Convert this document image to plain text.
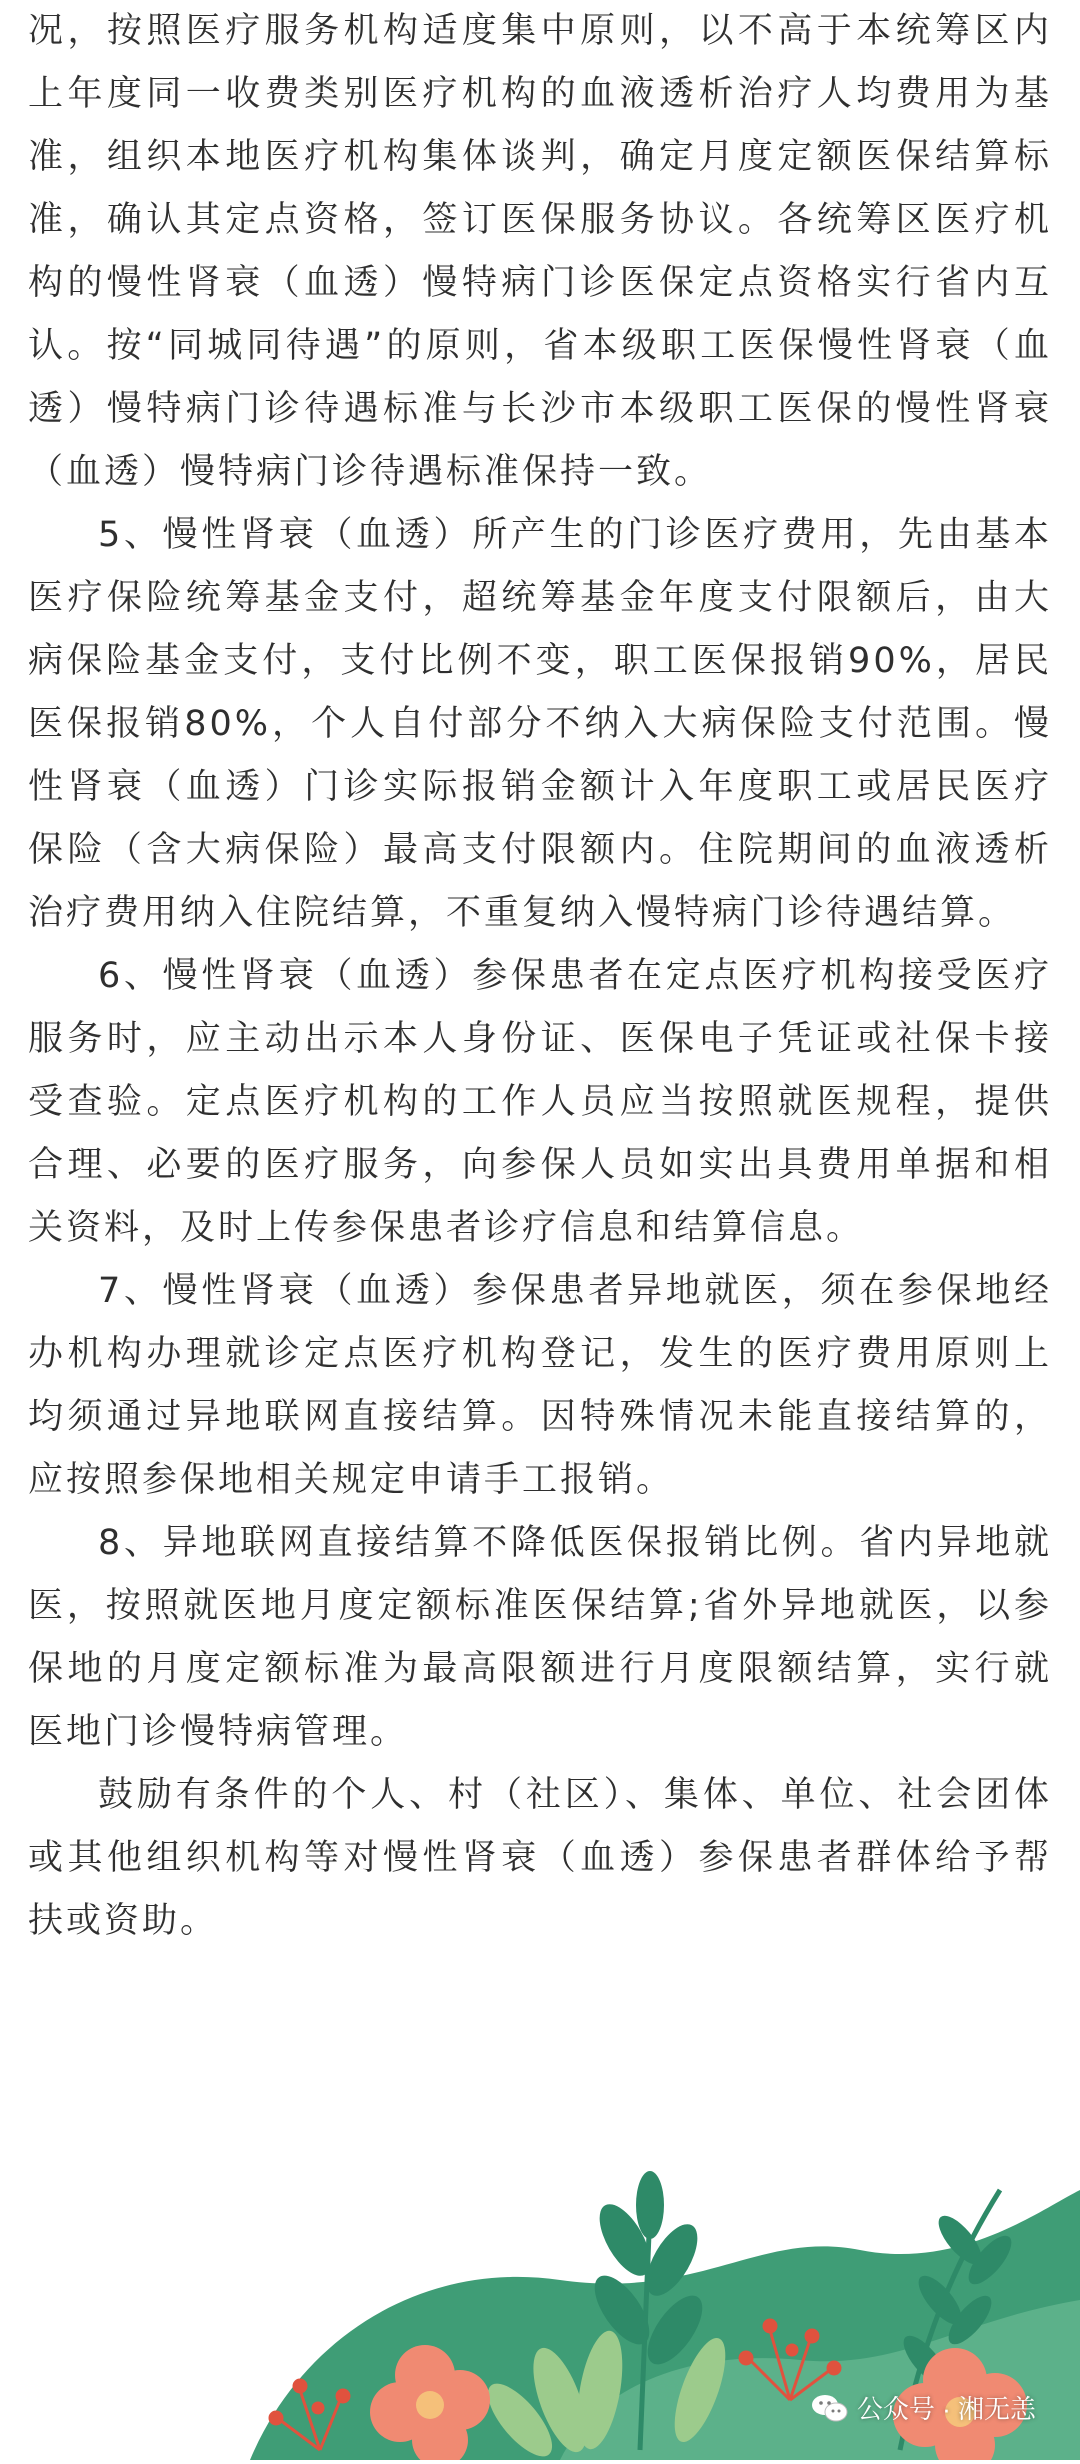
况，按照医疗服务机构适度集中原则，以不高于本统筹区内上年度同一收费类别医疗机构的血液透析治疗人均费用为基准，组织本地医疗机构集体谈判，确定月度定额医保结算标准，确认其定点资格，签订医保服务协议。各统筹区医疗机构的慢性肾衰（血透）慢特病门诊医保定点资格实行省内互认。按“同城同待遇”的原则，省本级职工医保慢性肾衰（血透）慢特病门诊待遇标准与长沙市本级职工医保的慢性肾衰（血透）慢特病门诊待遇标准保持一致。

5、慢性肾衰（血透）所产生的门诊医疗费用，先由基本医疗保险统筹基金支付，超统筹基金年度支付限额后，由大病保险基金支付，支付比例不变，职工医保报销90%，居民医保报销80%，个人自付部分不纳入大病保险支付范围。慢性肾衰（血透）门诊实际报销金额计入年度职工或居民医疗保险（含大病保险）最高支付限额内。住院期间的血液透析治疗费用纳入住院结算，不重复纳入慢特病门诊待遇结算。

6、慢性肾衰（血透）参保患者在定点医疗机构接受医疗服务时，应主动出示本人身份证、医保电子凭证或社保卡接受查验。定点医疗机构的工作人员应当按照就医规程，提供合理、必要的医疗服务，向参保人员如实出具费用单据和相关资料，及时上传参保患者诊疗信息和结算信息。

7、慢性肾衰（血透）参保患者异地就医，须在参保地经办机构办理就诊定点医疗机构登记，发生的医疗费用原则上均须通过异地联网直接结算。因特殊情况未能直接结算的，应按照参保地相关规定申请手工报销。

8、异地联网直接结算不降低医保报销比例。省内异地就医，按照就医地月度定额标准医保结算;省外异地就医，以参保地的月度定额标准为最高限额进行月度限额结算，实行就医地门诊慢特病管理。

鼓励有条件的个人、村（社区）、集体、单位、社会团体或其他组织机构等对慢性肾衰（血透）参保患者群体给予帮扶或资助。

公众号 · 湘无恙
